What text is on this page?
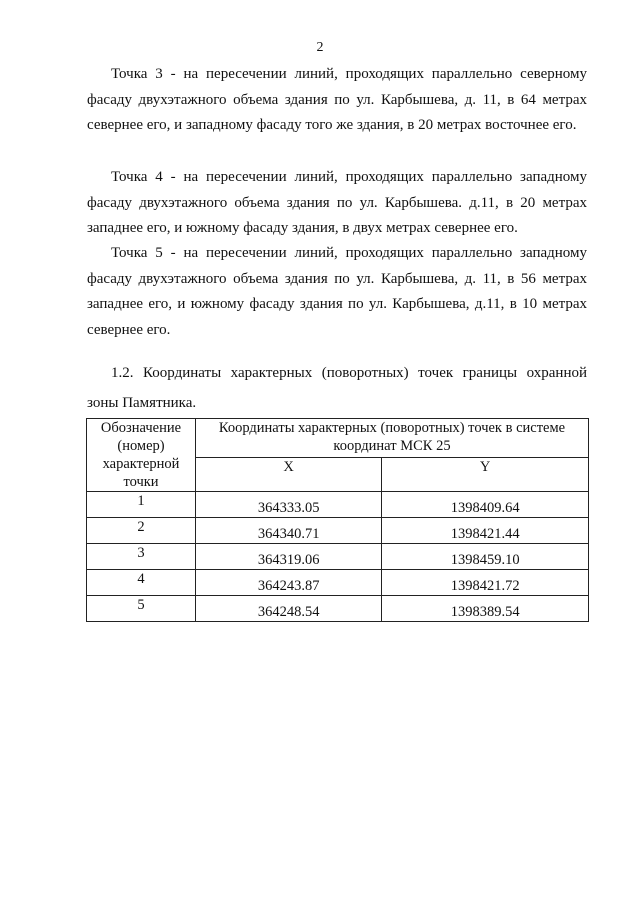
2

Точка 3 - на пересечении линий, проходящих параллельно северному фасаду двухэтажного объема здания по ул. Карбышева, д. 11, в 64 метрах севернее его, и западному фасаду того же здания, в 20 метрах восточнее его.

Точка 4 - на пересечении линий, проходящих параллельно западному фасаду двухэтажного объема здания по ул. Карбышева. д.11, в 20 метрах западнее его, и южному фасаду здания, в двух метрах севернее его.

Точка 5 - на пересечении линий, проходящих параллельно западному фасаду двухэтажного объема здания по ул. Карбышева, д. 11, в 56 метрах западнее его, и южному фасаду здания по ул. Карбышева, д.11, в 10 метрах севернее его.

1.2. Координаты характерных (поворотных) точек границы охранной зоны Памятника.

Обозначение (номер) характерной точки	Координаты характерных (поворотных) точек в системе координат МСК 25	
	X	Y
1	364333.05	1398409.64
2	364340.71	1398421.44
3	364319.06	1398459.10
4	364243.87	1398421.72
5	364248.54	1398389.54
